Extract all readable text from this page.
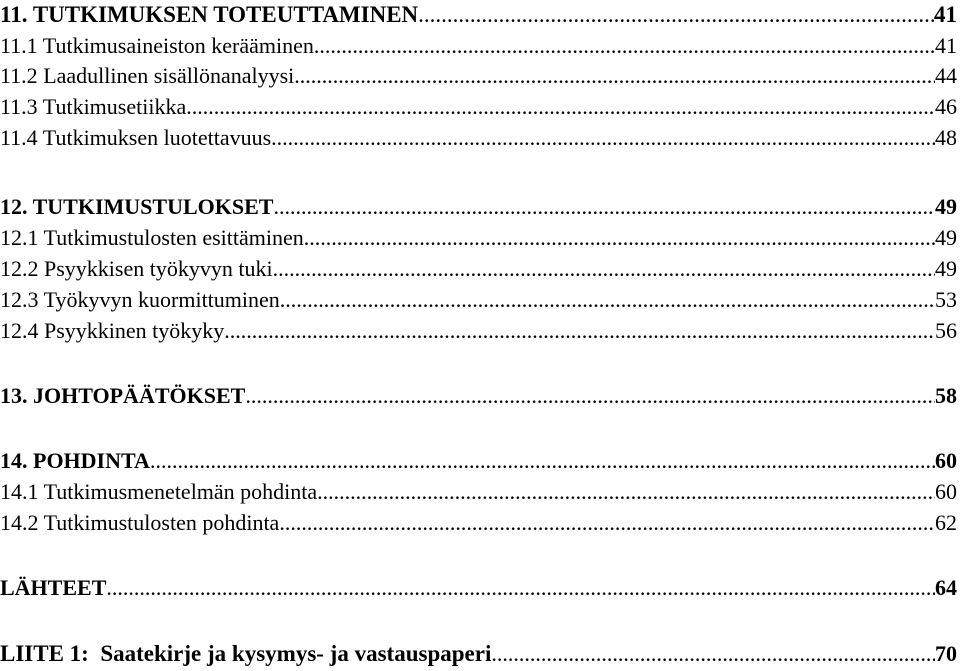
11. TUTKIMUKSEN TOTEUTTAMINEN .....	41
11.1 Tutkimusaineiston kerääminen .....	41
11.2 Laadullinen sisällönanalyysi .....	44
11.3 Tutkimusetiikka .....	46
11.4 Tutkimuksen luotettavuus .....	48
12. TUTKIMUSTULOKSET .....	49
12.1 Tutkimustulosten esittäminen .....	49
12.2 Psyykkisen työkyvyn tuki .....	49
12.3 Työkyvyn kuormittuminen .....	53
12.4 Psyykkinen työkyky .....	56
13. JOHTOPÄÄTÖKSET .....	58
14. POHDINTA .....	60
14.1 Tutkimusmenetelmän pohdinta .....	60
14.2 Tutkimustulosten pohdinta .....	62
LÄHTEET .....	64
LIITE 1: Saatekirje ja kysymys- ja vastauspaperi .....	70
